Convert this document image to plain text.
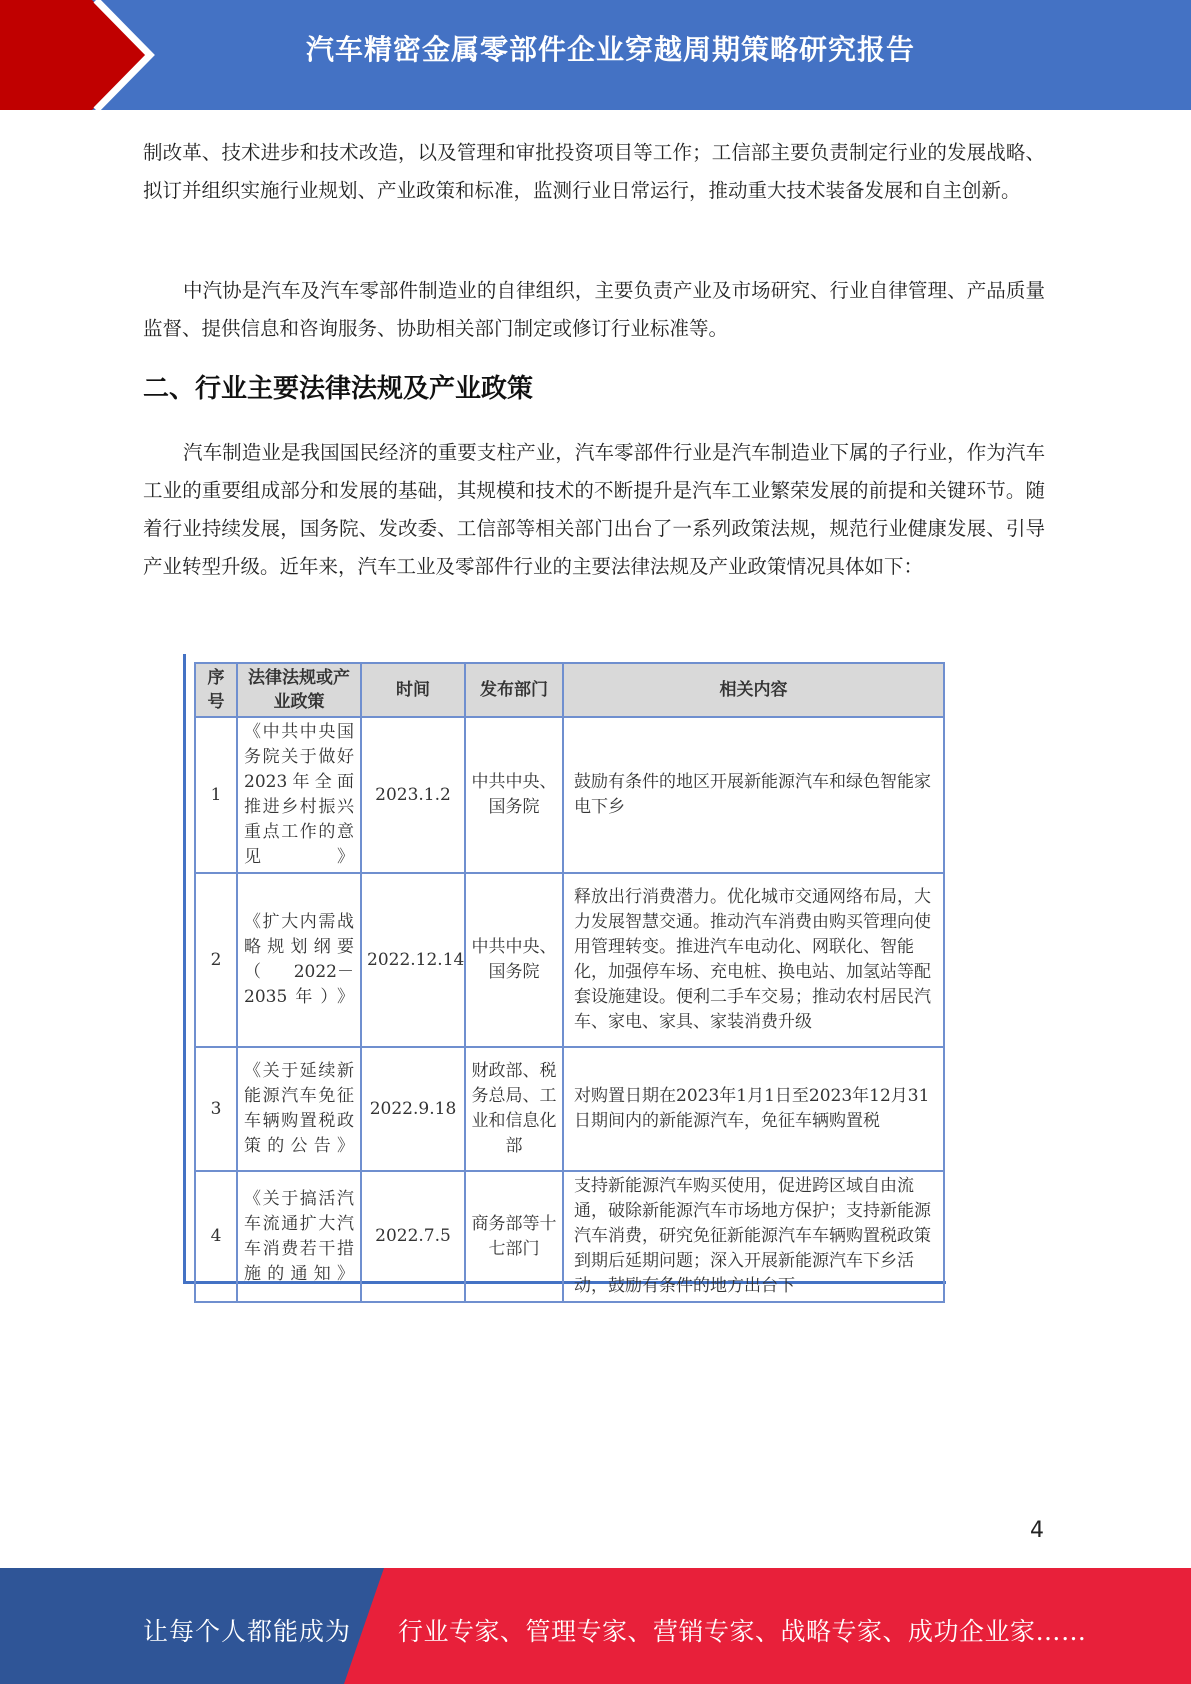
汽车精密金属零部件企业穿越周期策略研究报告

制改革、技术进步和技术改造，以及管理和审批投资项目等工作；工信部主要负责制定行业的发展战略、拟订并组织实施行业规划、产业政策和标准，监测行业日常运行，推动重大技术装备发展和自主创新。

中汽协是汽车及汽车零部件制造业的自律组织，主要负责产业及市场研究、行业自律管理、产品质量监督、提供信息和咨询服务、协助相关部门制定或修订行业标准等。

二、行业主要法律法规及产业政策

汽车制造业是我国国民经济的重要支柱产业，汽车零部件行业是汽车制造业下属的子行业，作为汽车工业的重要组成部分和发展的基础，其规模和技术的不断提升是汽车工业繁荣发展的前提和关键环节。随着行业持续发展，国务院、发改委、工信部等相关部门出台了一系列政策法规，规范行业健康发展、引导产业转型升级。近年来，汽车工业及零部件行业的主要法律法规及产业政策情况具体如下：

序号	法律法规或产业政策	时间	发布部门	相关内容
1	《中共中央国务院关于做好2023年全面推进乡村振兴重点工作的意见》	2023.1.2	中共中央、国务院	鼓励有条件的地区开展新能源汽车和绿色智能家电下乡
2	《扩大内需战略规划纲要（2022－2035年）》	2022.12.14	中共中央、国务院	释放出行消费潜力。优化城市交通网络布局，大力发展智慧交通。推动汽车消费由购买管理向使用管理转变。推进汽车电动化、网联化、智能化，加强停车场、充电桩、换电站、加氢站等配套设施建设。便利二手车交易；推动农村居民汽车、家电、家具、家装消费升级
3	《关于延续新能源汽车免征车辆购置税政策的公告》	2022.9.18	财政部、税务总局、工业和信息化部	对购置日期在2023年1月1日至2023年12月31日期间内的新能源汽车，免征车辆购置税
4	《关于搞活汽车流通扩大汽车消费若干措施的通知》	2022.7.5	商务部等十七部门	支持新能源汽车购买使用，促进跨区域自由流通，破除新能源汽车市场地方保护；支持新能源汽车消费，研究免征新能源汽车车辆购置税政策到期后延期问题；深入开展新能源汽车下乡活动，鼓励有条件的地方出台下
4
让每个人都能成为 行业专家、管理专家、营销专家、战略专家、成功企业家……
